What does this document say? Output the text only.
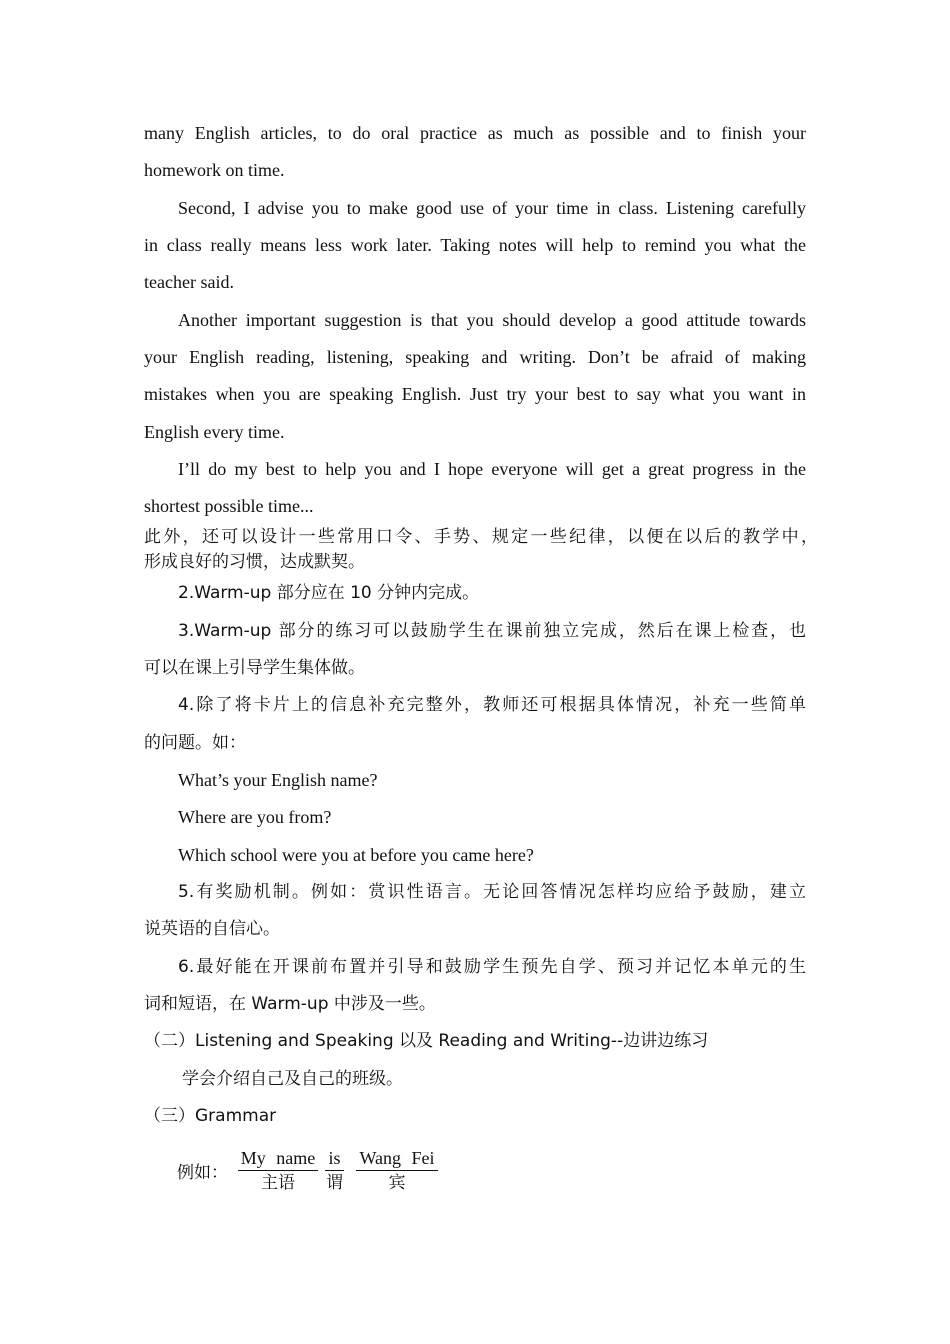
many English articles, to do oral practice as much as possible and to finish your
homework on time.
Second, I advise you to make good use of your time in class. Listening carefully
in class really means less work later. Taking notes will help to remind you what the
teacher said.
Another important suggestion is that you should develop a good attitude towards
your English reading, listening, speaking and writing. Don’t be afraid of making
mistakes when you are speaking English. Just try your best to say what you want in
English every time.
I’ll do my best to help you and I hope everyone will get a great progress in the
shortest possible time...
此外，还可以设计一些常用口令、手势、规定一些纪律，以便在以后的教学中，
形成良好的习惯，达成默契。
2.Warm-up 部分应在 10 分钟内完成。
3.Warm-up 部分的练习可以鼓励学生在课前独立完成，然后在课上检查，也
可以在课上引导学生集体做。
4.除了将卡片上的信息补充完整外，教师还可根据具体情况，补充一些简单
的问题。如：
What’s your English name?
Where are you from?
Which school were you at before you came here?
5.有奖励机制。例如：赏识性语言。无论回答情况怎样均应给予鼓励，建立
说英语的自信心。
6.最好能在开课前布置并引导和鼓励学生预先自学、预习并记忆本单元的生
词和短语，在 Warm-up 中涉及一些。
（二）Listening and Speaking 以及 Reading and Writing--边讲边练习
学会介绍自己及自己的班级。
（三）Grammar
例如：
My name
主语
is
谓
Wang Fei
宾
